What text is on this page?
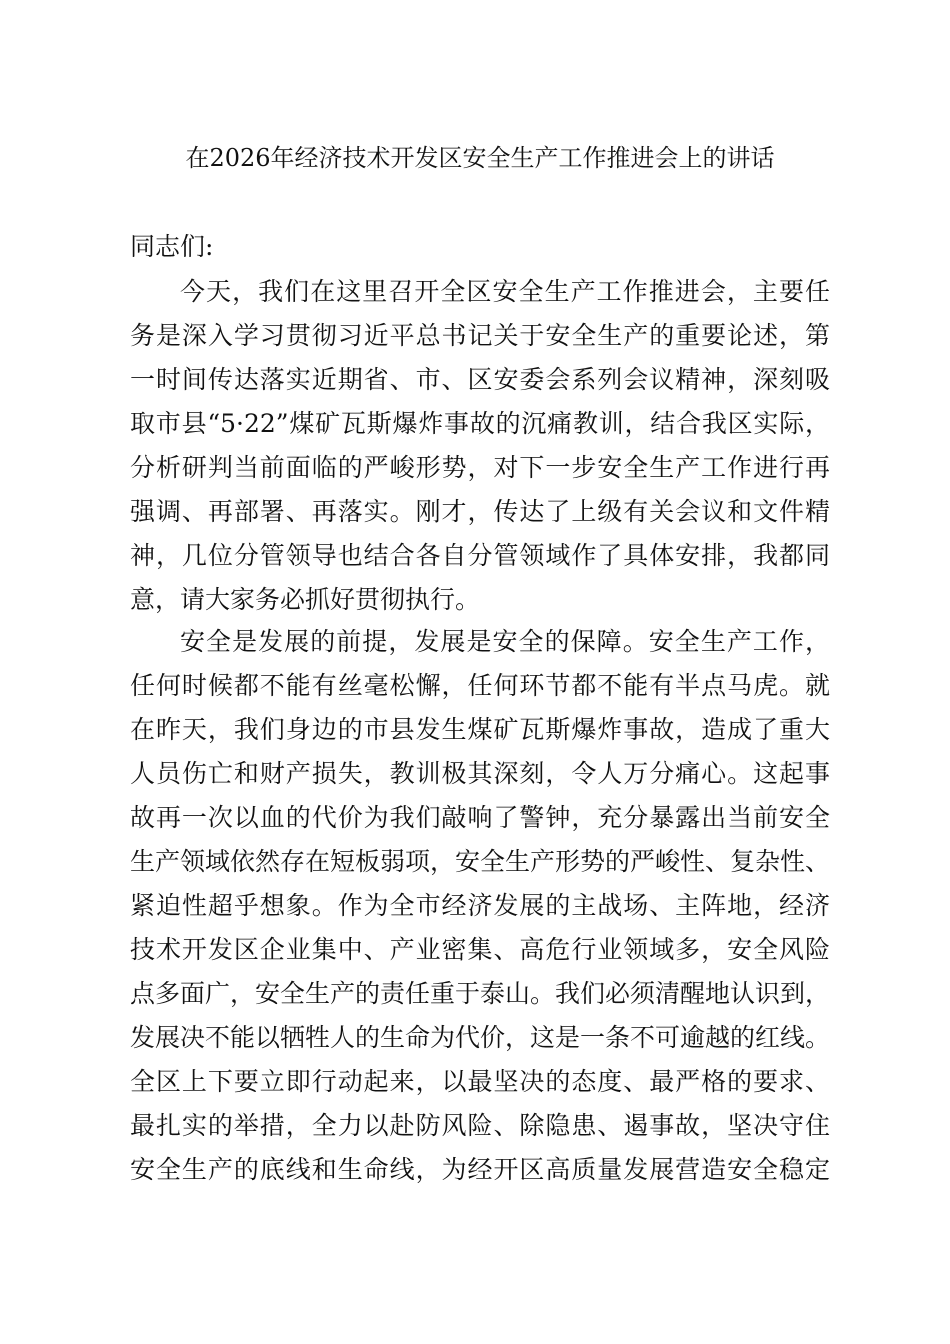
在2026年经济技术开发区安全生产工作推进会上的讲话

同志们:

今天，我们在这里召开全区安全生产工作推进会，主要任
务是深入学习贯彻习近平总书记关于安全生产的重要论述，第
一时间传达落实近期省、市、区安委会系列会议精神，深刻吸
取市县“5·22”煤矿瓦斯爆炸事故的沉痛教训，结合我区实际，
分析研判当前面临的严峻形势，对下一步安全生产工作进行再
强调、再部署、再落实。刚才，传达了上级有关会议和文件精
神，几位分管领导也结合各自分管领域作了具体安排，我都同
意，请大家务必抓好贯彻执行。
安全是发展的前提，发展是安全的保障。安全生产工作，
任何时候都不能有丝毫松懈，任何环节都不能有半点马虎。就
在昨天，我们身边的市县发生煤矿瓦斯爆炸事故，造成了重大
人员伤亡和财产损失，教训极其深刻，令人万分痛心。这起事
故再一次以血的代价为我们敲响了警钟，充分暴露出当前安全
生产领域依然存在短板弱项，安全生产形势的严峻性、复杂性、
紧迫性超乎想象。作为全市经济发展的主战场、主阵地，经济
技术开发区企业集中、产业密集、高危行业领域多，安全风险
点多面广，安全生产的责任重于泰山。我们必须清醒地认识到，
发展决不能以牺牲人的生命为代价，这是一条不可逾越的红线。
全区上下要立即行动起来，以最坚决的态度、最严格的要求、
最扎实的举措，全力以赴防风险、除隐患、遏事故，坚决守住
安全生产的底线和生命线，为经开区高质量发展营造安全稳定
